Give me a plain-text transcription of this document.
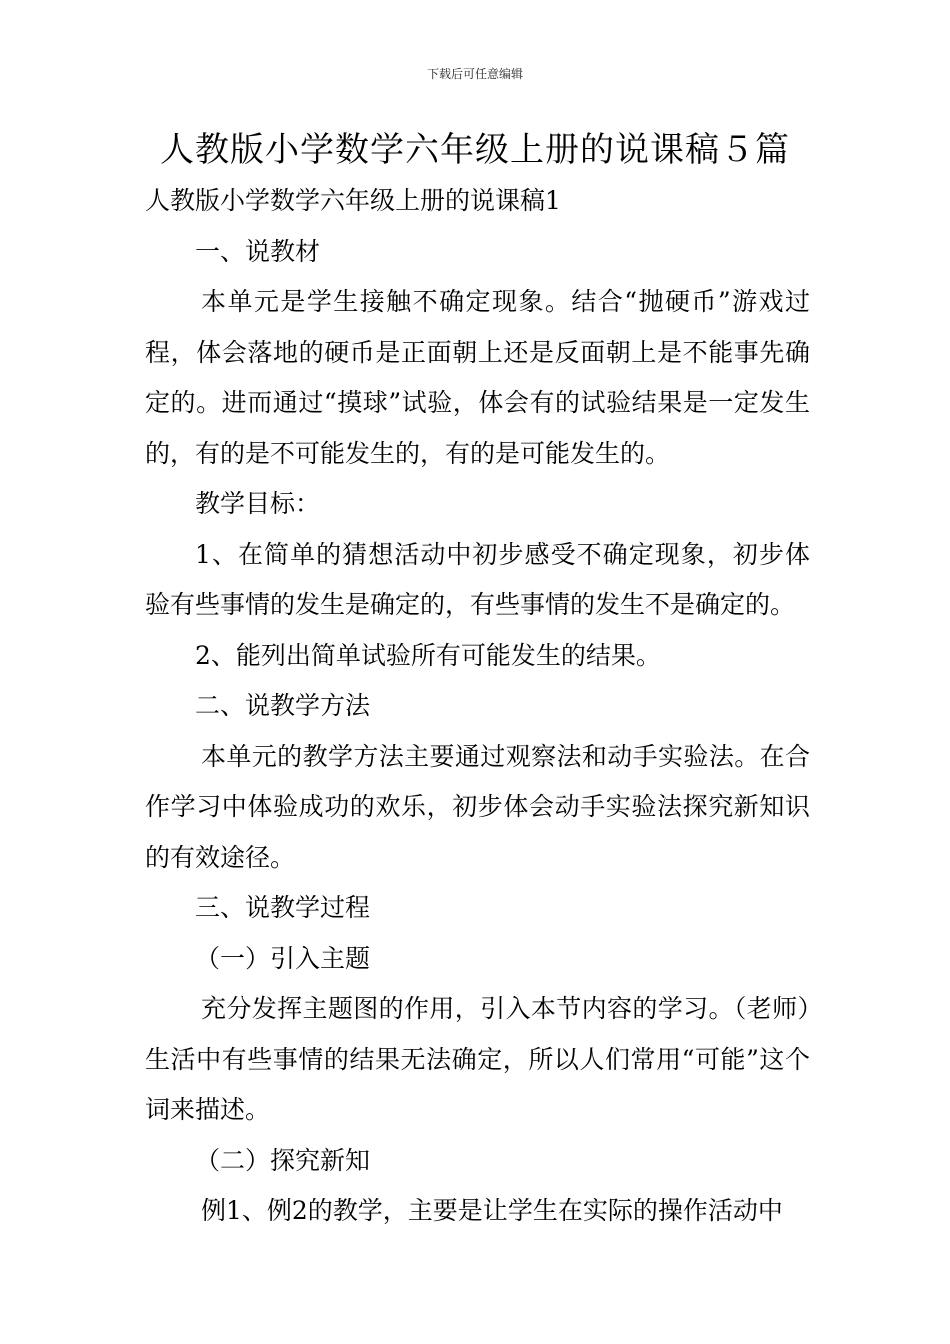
下载后可任意编辑
人教版小学数学六年级上册的说课稿５篇

人教版小学数学六年级上册的说课稿1

一、说教材

本单元是学生接触不确定现象。结合“抛硬币”游戏过程，体会落地的硬币是正面朝上还是反面朝上是不能事先确定的。进而通过“摸球”试验，体会有的试验结果是一定发生的，有的是不可能发生的，有的是可能发生的。

教学目标：

1、在简单的猜想活动中初步感受不确定现象，初步体验有些事情的发生是确定的，有些事情的发生不是确定的。

2、能列出简单试验所有可能发生的结果。

二、说教学方法

本单元的教学方法主要通过观察法和动手实验法。在合作学习中体验成功的欢乐，初步体会动手实验法探究新知识的有效途径。

三、说教学过程

（一）引入主题

充分发挥主题图的作用，引入本节内容的学习。（老师）生活中有些事情的结果无法确定，所以人们常用“可能”这个词来描述。

（二）探究新知

例1、例2的教学，主要是让学生在实际的操作活动中
